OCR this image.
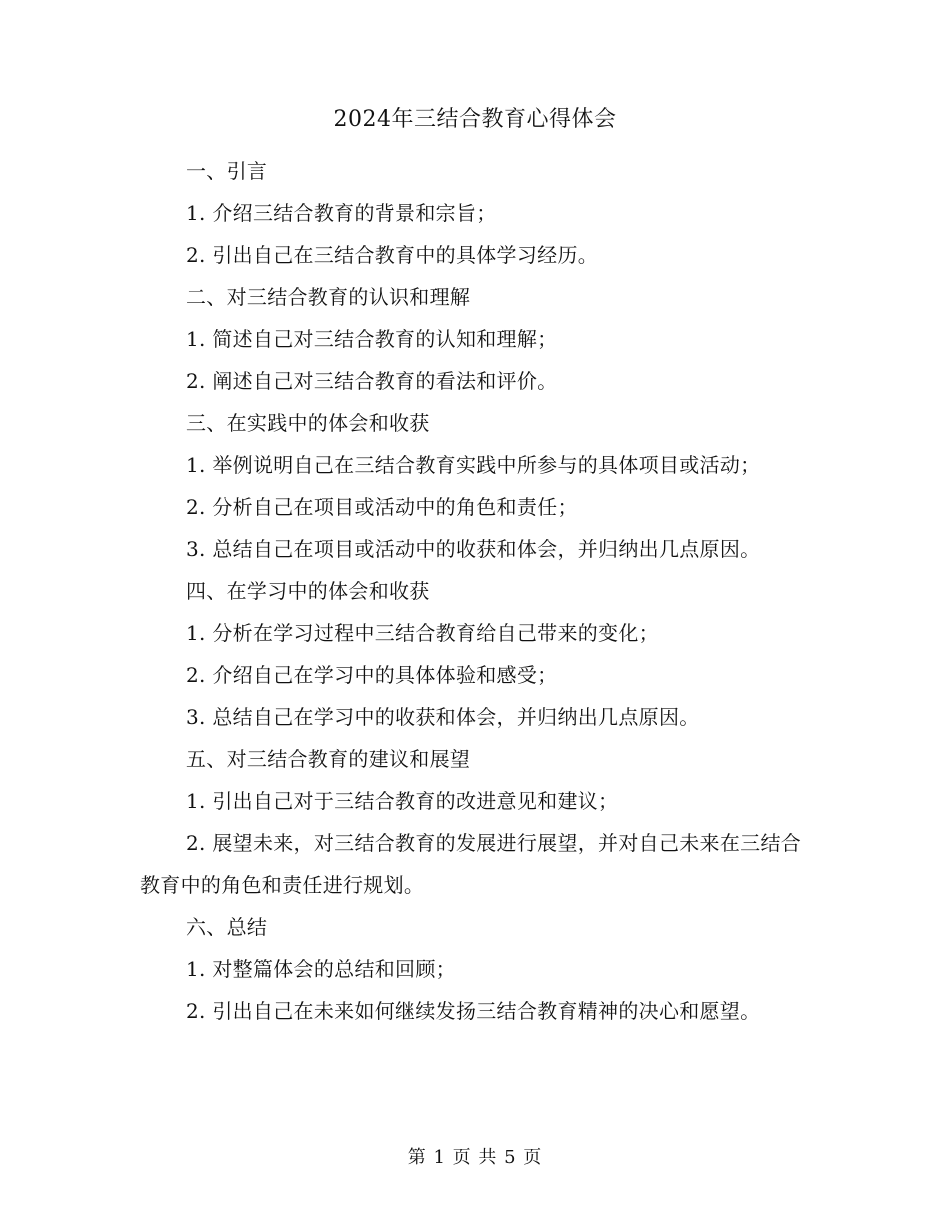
2024年三结合教育心得体会
一、引言
1. 介绍三结合教育的背景和宗旨；
2. 引出自己在三结合教育中的具体学习经历。
二、对三结合教育的认识和理解
1. 简述自己对三结合教育的认知和理解；
2. 阐述自己对三结合教育的看法和评价。
三、在实践中的体会和收获
1. 举例说明自己在三结合教育实践中所参与的具体项目或活动；
2. 分析自己在项目或活动中的角色和责任；
3. 总结自己在项目或活动中的收获和体会，并归纳出几点原因。
四、在学习中的体会和收获
1. 分析在学习过程中三结合教育给自己带来的变化；
2. 介绍自己在学习中的具体体验和感受；
3. 总结自己在学习中的收获和体会，并归纳出几点原因。
五、对三结合教育的建议和展望
1. 引出自己对于三结合教育的改进意见和建议；
2. 展望未来，对三结合教育的发展进行展望，并对自己未来在三结合教育中的角色和责任进行规划。
六、总结
1. 对整篇体会的总结和回顾；
2. 引出自己在未来如何继续发扬三结合教育精神的决心和愿望。
第 1 页 共 5 页
